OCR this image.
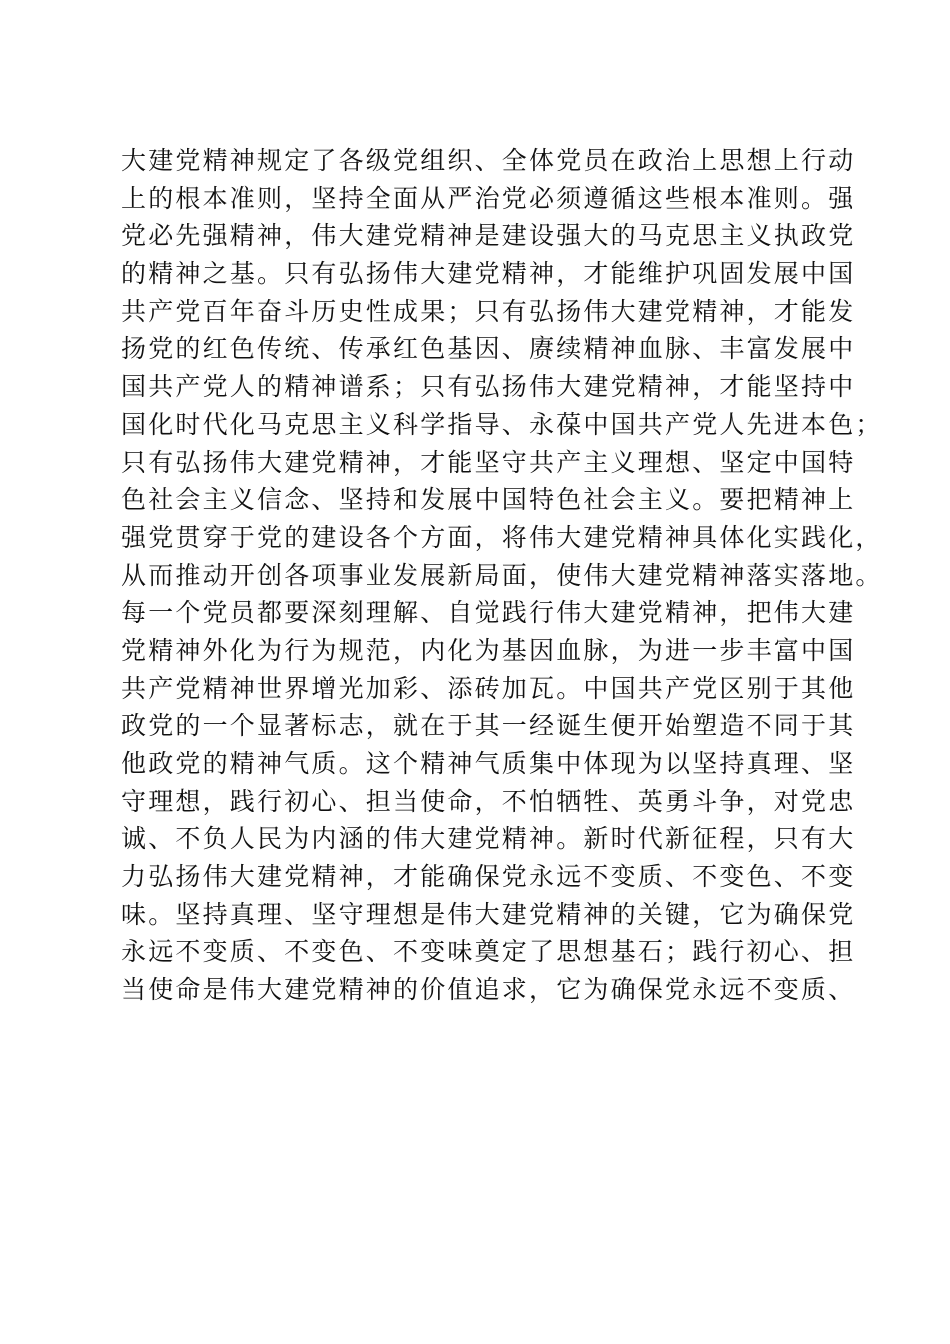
大建党精神规定了各级党组织、全体党员在政治上思想上行动
上的根本准则，坚持全面从严治党必须遵循这些根本准则。强
党必先强精神，伟大建党精神是建设强大的马克思主义执政党
的精神之基。只有弘扬伟大建党精神，才能维护巩固发展中国
共产党百年奋斗历史性成果；只有弘扬伟大建党精神，才能发
扬党的红色传统、传承红色基因、赓续精神血脉、丰富发展中
国共产党人的精神谱系；只有弘扬伟大建党精神，才能坚持中
国化时代化马克思主义科学指导、永葆中国共产党人先进本色；
只有弘扬伟大建党精神，才能坚守共产主义理想、坚定中国特
色社会主义信念、坚持和发展中国特色社会主义。要把精神上
强党贯穿于党的建设各个方面，将伟大建党精神具体化实践化，
从而推动开创各项事业发展新局面，使伟大建党精神落实落地。
每一个党员都要深刻理解、自觉践行伟大建党精神，把伟大建
党精神外化为行为规范，内化为基因血脉，为进一步丰富中国
共产党精神世界增光加彩、添砖加瓦。中国共产党区别于其他
政党的一个显著标志，就在于其一经诞生便开始塑造不同于其
他政党的精神气质。这个精神气质集中体现为以坚持真理、坚
守理想，践行初心、担当使命，不怕牺牲、英勇斗争，对党忠
诚、不负人民为内涵的伟大建党精神。新时代新征程，只有大
力弘扬伟大建党精神，才能确保党永远不变质、不变色、不变
味。坚持真理、坚守理想是伟大建党精神的关键，它为确保党
永远不变质、不变色、不变味奠定了思想基石；践行初心、担
当使命是伟大建党精神的价值追求，它为确保党永远不变质、
